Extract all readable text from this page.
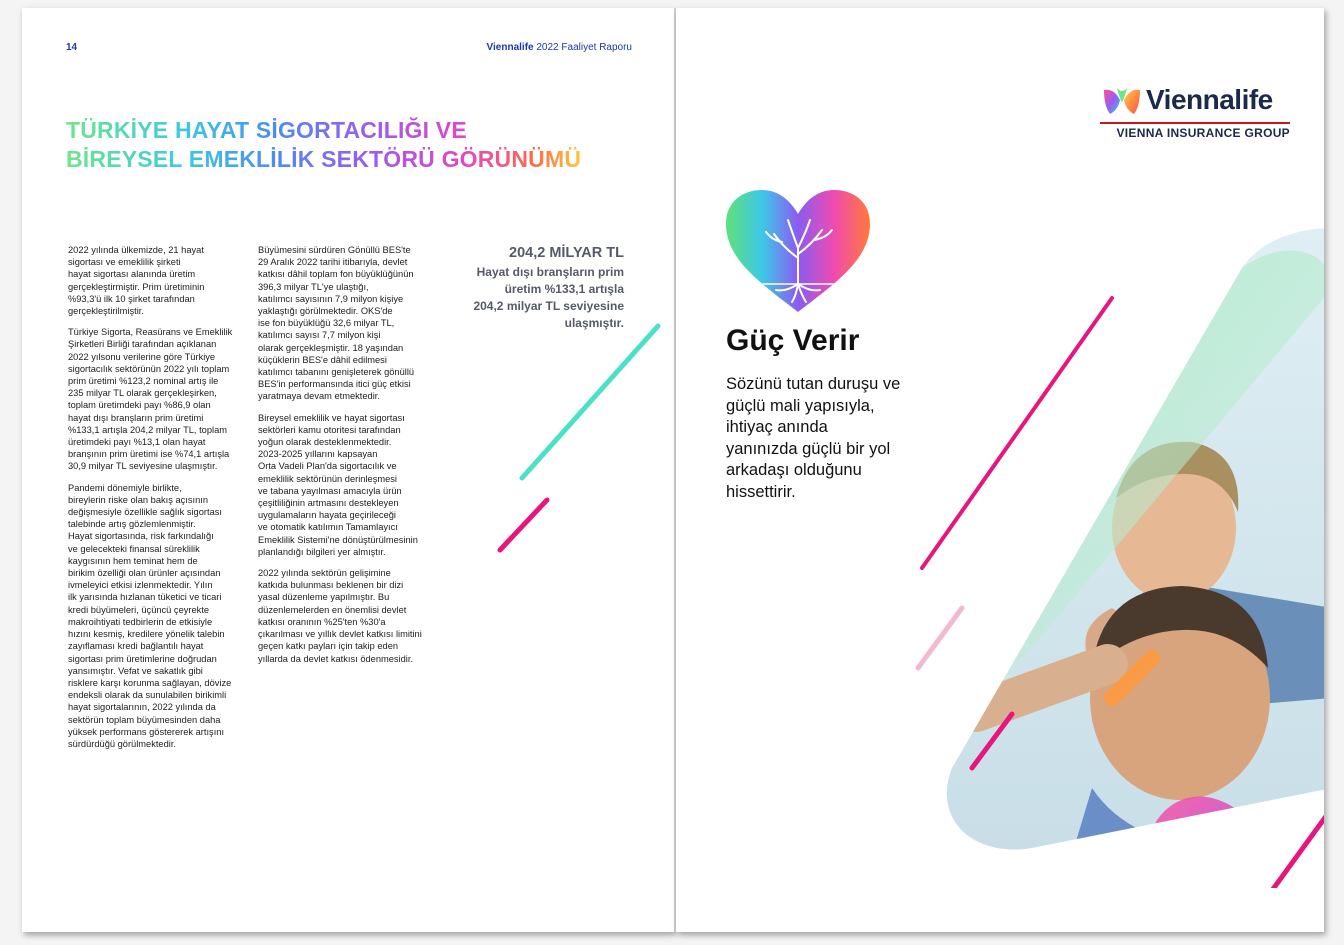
14	Viennalife 2022 Faaliyet Raporu
TÜRKİYE HAYAT SİGORTACILIĞI VE
BİREYSEL EMEKLİLİK SEKTÖRÜ GÖRÜNÜMÜ

2022 yılında ülkemizde, 21 hayat
sigortası ve emeklilik şirketi
hayat sigortası alanında üretim
gerçekleştirmiştir. Prim üretiminin
%93,3'ü ilk 10 şirket tarafından
gerçekleştirilmiştir.

Türkiye Sigorta, Reasürans ve Emeklilik
Şirketleri Birliği tarafından açıklanan
2022 yılsonu verilerine göre Türkiye
sigortacılık sektörünün 2022 yılı toplam
prim üretimi %123,2 nominal artış ile
235 milyar TL olarak gerçekleşirken,
toplam üretimdeki payı %86,9 olan
hayat dışı branşların prim üretimi
%133,1 artışla 204,2 milyar TL, toplam
üretimdeki payı %13,1 olan hayat
branşının prim üretimi ise %74,1 artışla
30,9 milyar TL seviyesine ulaşmıştır.

Pandemi dönemiyle birlikte,
bireylerin riske olan bakış açısının
değişmesiyle özellikle sağlık sigortası
talebinde artış gözlemlenmiştir.
Hayat sigortasında, risk farkındalığı
ve gelecekteki finansal süreklilik
kaygısının hem teminat hem de
birikim özelliği olan ürünler açısından
ivmeleyici etkisi izlenmektedir. Yılın
ilk yarısında hızlanan tüketici ve ticari
kredi büyümeleri, üçüncü çeyrekte
makroihtiyati tedbirlerin de etkisiyle
hızını kesmiş, kredilere yönelik talebin
zayıflaması kredi bağlantılı hayat
sigortası prim üretimlerine doğrudan
yansımıştır. Vefat ve sakatlık gibi
risklere karşı korunma sağlayan, dövize
endeksli olarak da sunulabilen birikimli
hayat sigortalarının, 2022 yılında da
sektörün toplam büyümesinden daha
yüksek performans göstererek artışını
sürdürdüğü görülmektedir.

Büyümesini sürdüren Gönüllü BES'te
29 Aralık 2022 tarihi itibarıyla, devlet
katkısı dâhil toplam fon büyüklüğünün
396,3 milyar TL'ye ulaştığı,
katılımcı sayısının 7,9 milyon kişiye
yaklaştığı görülmektedir. OKS'de
ise fon büyüklüğü 32,6 milyar TL,
katılımcı sayısı 7,7 milyon kişi
olarak gerçekleşmiştir. 18 yaşından
küçüklerin BES'e dâhil edilmesi
katılımcı tabanını genişleterek gönüllü
BES'in performansında itici güç etkisi
yaratmaya devam etmektedir.

Bireysel emeklilik ve hayat sigortası
sektörleri kamu otoritesi tarafından
yoğun olarak desteklenmektedir.
2023-2025 yıllarını kapsayan
Orta Vadeli Plan'da sigortacılık ve
emeklilik sektörünün derinleşmesi
ve tabana yayılması amacıyla ürün
çeşitliliğinin artmasını destekleyen
uygulamaların hayata geçirileceği
ve otomatik katılımın Tamamlayıcı
Emeklilik Sistemi'ne dönüştürülmesinin
planlandığı bilgileri yer almıştır.

2022 yılında sektörün gelişimine
katkıda bulunması beklenen bir dizi
yasal düzenleme yapılmıştır. Bu
düzenlemelerden en önemlisi devlet
katkısı oranının %25'ten %30'a
çıkarılması ve yıllık devlet katkısı limitini
geçen katkı payları için takip eden
yıllarda da devlet katkısı ödenmesidir.

204,2 MİLYAR TL
Hayat dışı branşların prim
üretim %133,1 artışla
204,2 milyar TL seviyesine
ulaşmıştır.
Viennalife
VIENNA INSURANCE GROUP
Güç Verir

Sözünü tutan duruşu ve
güçlü mali yapısıyla,
ihtiyaç anında
yanınızda güçlü bir yol
arkadaşı olduğunu
hissettirir.
